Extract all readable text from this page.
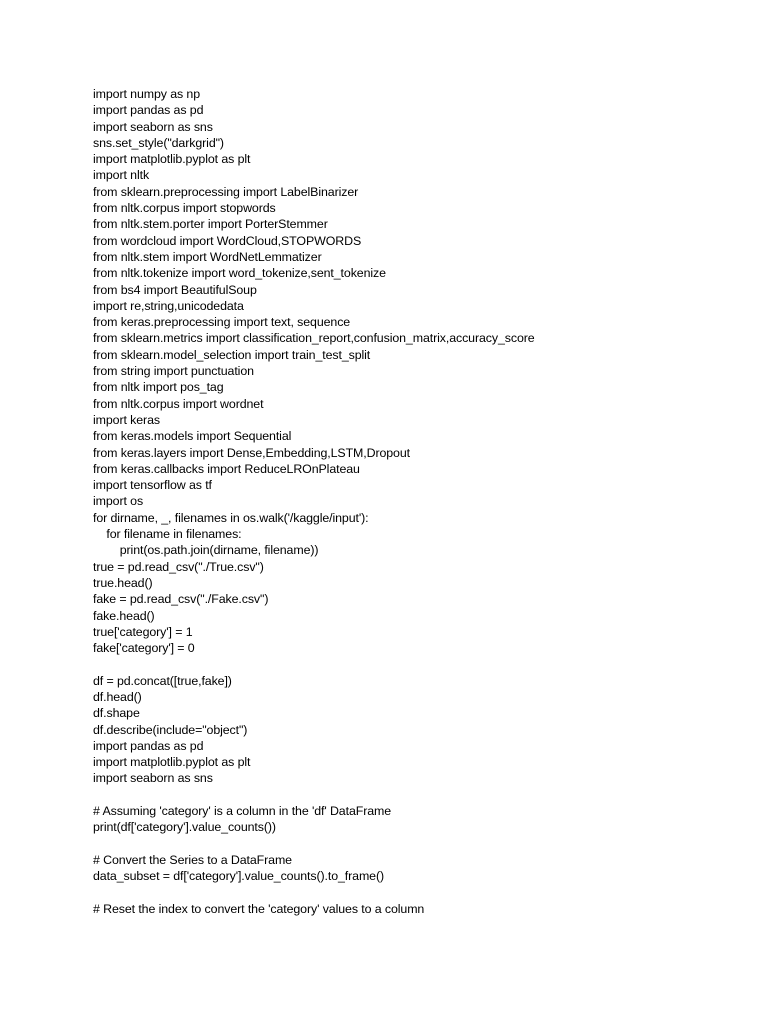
import numpy as np
import pandas as pd
import seaborn as sns
sns.set_style("darkgrid")
import matplotlib.pyplot as plt
import nltk
from sklearn.preprocessing import LabelBinarizer
from nltk.corpus import stopwords
from nltk.stem.porter import PorterStemmer
from wordcloud import WordCloud,STOPWORDS
from nltk.stem import WordNetLemmatizer
from nltk.tokenize import word_tokenize,sent_tokenize
from bs4 import BeautifulSoup
import re,string,unicodedata
from keras.preprocessing import text, sequence
from sklearn.metrics import classification_report,confusion_matrix,accuracy_score
from sklearn.model_selection import train_test_split
from string import punctuation
from nltk import pos_tag
from nltk.corpus import wordnet
import keras
from keras.models import Sequential
from keras.layers import Dense,Embedding,LSTM,Dropout
from keras.callbacks import ReduceLROnPlateau
import tensorflow as tf
import os
for dirname, _, filenames in os.walk('/kaggle/input'):
for filename in filenames:
print(os.path.join(dirname, filename))
true = pd.read_csv("./True.csv")
true.head()
fake = pd.read_csv("./Fake.csv")
fake.head()
true['category'] = 1
fake['category'] = 0
df = pd.concat([true,fake])
df.head()
df.shape
df.describe(include="object")
import pandas as pd
import matplotlib.pyplot as plt
import seaborn as sns
# Assuming 'category' is a column in the 'df' DataFrame
print(df['category'].value_counts())
# Convert the Series to a DataFrame
data_subset = df['category'].value_counts().to_frame()
# Reset the index to convert the 'category' values to a column
